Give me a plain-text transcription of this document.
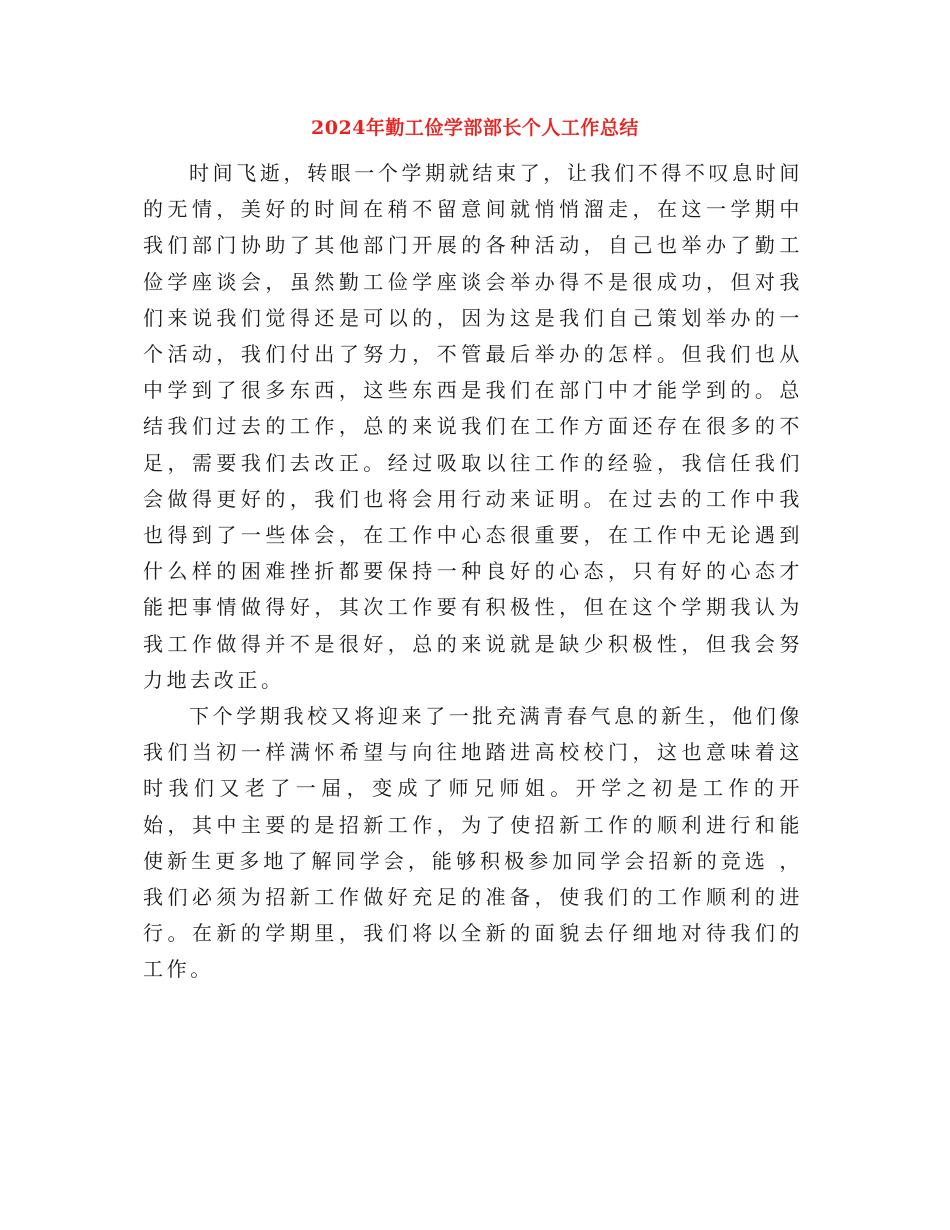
2024年勤工俭学部部长个人工作总结

时间飞逝，转眼一个学期就结束了，让我们不得不叹息时间的无情，美好的时间在稍不留意间就悄悄溜走，在这一学期中我们部门协助了其他部门开展的各种活动，自己也举办了勤工俭学座谈会，虽然勤工俭学座谈会举办得不是很成功，但对我们来说我们觉得还是可以的，因为这是我们自己策划举办的一个活动，我们付出了努力，不管最后举办的怎样。但我们也从中学到了很多东西，这些东西是我们在部门中才能学到的。总结我们过去的工作，总的来说我们在工作方面还存在很多的不足，需要我们去改正。经过吸取以往工作的经验，我信任我们会做得更好的，我们也将会用行动来证明。在过去的工作中我也得到了一些体会，在工作中心态很重要，在工作中无论遇到什么样的困难挫折都要保持一种良好的心态，只有好的心态才能把事情做得好，其次工作要有积极性，但在这个学期我认为我工作做得并不是很好，总的来说就是缺少积极性，但我会努力地去改正。

下个学期我校又将迎来了一批充满青春气息的新生，他们像我们当初一样满怀希望与向往地踏进高校校门，这也意味着这时我们又老了一届，变成了师兄师姐。开学之初是工作的开始，其中主要的是招新工作，为了使招新工作的顺利进行和能使新生更多地了解同学会，能够积极参加同学会招新的竞选 ，我们必须为招新工作做好充足的准备，使我们的工作顺利的进行。在新的学期里，我们将以全新的面貌去仔细地对待我们的工作。
